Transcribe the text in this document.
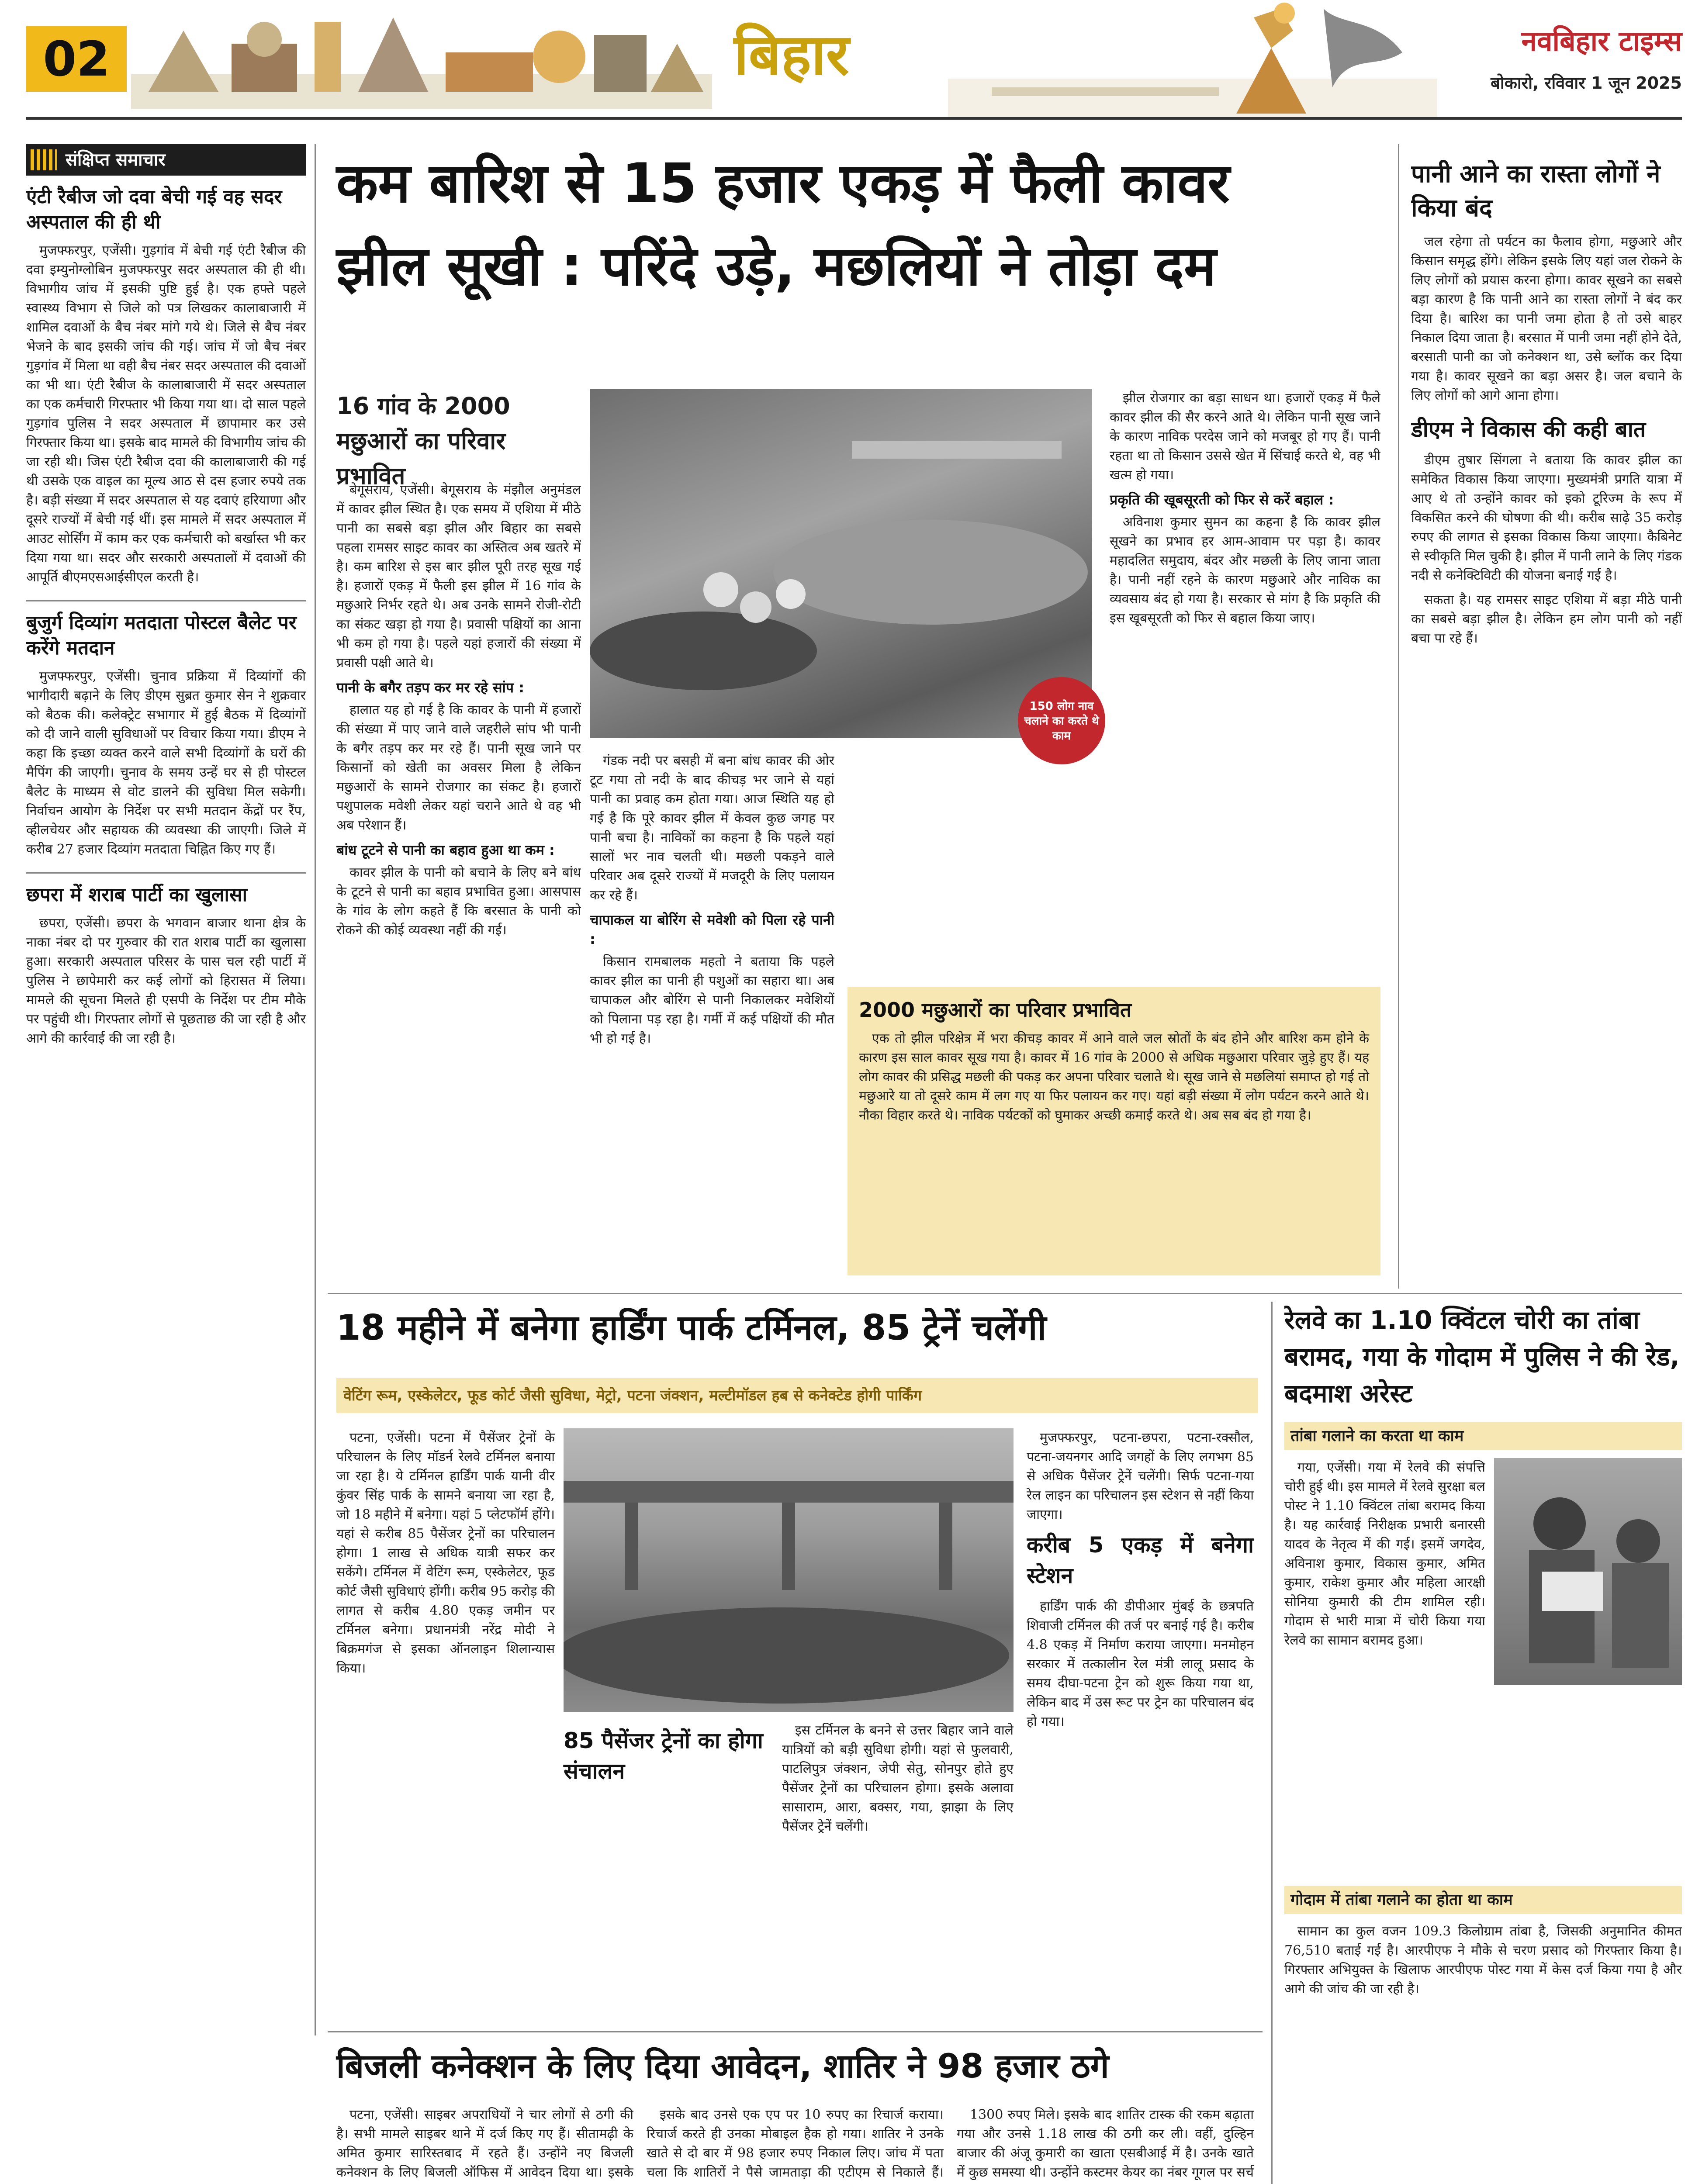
02	बिहार	नवबिहार टाइम्स
बोकारो, रविवार 1 जून 2025
संक्षिप्त समाचार
एंटी रैबीज जो दवा बेची गई वह सदर अस्पताल की ही थी

मुजफ्फरपुर, एजेंसी। गुड़गांव में बेची गई एंटी रैबीज की दवा इम्युनोग्लोबिन मुजफ्फरपुर सदर अस्पताल की ही थी। विभागीय जांच में इसकी पुष्टि हुई है। एक हफ्ते पहले स्वास्थ्य विभाग से जिले को पत्र लिखकर कालाबाजारी में शामिल दवाओं के बैच नंबर मांगे गये थे। जिले से बैच नंबर भेजने के बाद इसकी जांच की गई। जांच में जो बैच नंबर गुड़गांव में मिला था वही बैच नंबर सदर अस्पताल की दवाओं का भी था। एंटी रैबीज के कालाबाजारी में सदर अस्पताल का एक कर्मचारी गिरफ्तार भी किया गया था। दो साल पहले गुड़गांव पुलिस ने सदर अस्पताल में छापामार कर उसे गिरफ्तार किया था। इसके बाद मामले की विभागीय जांच की जा रही थी। जिस एंटी रैबीज दवा की कालाबाजारी की गई थी उसके एक वाइल का मूल्य आठ से दस हजार रुपये तक है। बड़ी संख्या में सदर अस्पताल से यह दवाएं हरियाणा और दूसरे राज्यों में बेची गई थीं। इस मामले में सदर अस्पताल में आउट सोर्सिंग में काम कर एक कर्मचारी को बर्खास्त भी कर दिया गया था। सदर और सरकारी अस्पतालों में दवाओं की आपूर्ति बीएमएसआईसीएल करती है।

बुजुर्ग दिव्यांग मतदाता पोस्टल बैलेट पर करेंगे मतदान

मुजफ्फरपुर, एजेंसी। चुनाव प्रक्रिया में दिव्यांगों की भागीदारी बढ़ाने के लिए डीएम सुब्रत कुमार सेन ने शुक्रवार को बैठक की। कलेक्ट्रेट सभागार में हुई बैठक में दिव्यांगों को दी जाने वाली सुविधाओं पर विचार किया गया। डीएम ने कहा कि इच्छा व्यक्त करने वाले सभी दिव्यांगों के घरों की मैपिंग की जाएगी। चुनाव के समय उन्हें घर से ही पोस्टल बैलेट के माध्यम से वोट डालने की सुविधा मिल सकेगी। निर्वाचन आयोग के निर्देश पर सभी मतदान केंद्रों पर रैंप, व्हीलचेयर और सहायक की व्यवस्था की जाएगी। जिले में करीब 27 हजार दिव्यांग मतदाता चिह्नित किए गए हैं।

छपरा में शराब पार्टी का खुलासा

छपरा, एजेंसी। छपरा के भगवान बाजार थाना क्षेत्र के नाका नंबर दो पर गुरुवार की रात शराब पार्टी का खुलासा हुआ। सरकारी अस्पताल परिसर के पास चल रही पार्टी में पुलिस ने छापेमारी कर कई लोगों को हिरासत में लिया। मामले की सूचना मिलते ही एसपी के निर्देश पर टीम मौके पर पहुंची थी। गिरफ्तार लोगों से पूछताछ की जा रही है और आगे की कार्रवाई की जा रही है।

कम बारिश से 15 हजार एकड़ में फैली कावर
झील सूखी : परिंदे उड़े, मछलियों ने तोड़ा दम
16 गांव के 2000 मछुआरों का परिवार प्रभावित
150 लोग नाव चलाने का करते थे काम

बेगूसराय, एजेंसी। बेगूसराय के मंझौल अनुमंडल में कावर झील स्थित है। एक समय में एशिया में मीठे पानी का सबसे बड़ा झील और बिहार का सबसे पहला रामसर साइट कावर का अस्तित्व अब खतरे में है। कम बारिश से इस बार झील पूरी तरह सूख गई है। हजारों एकड़ में फैली इस झील में 16 गांव के मछुआरे निर्भर रहते थे। अब उनके सामने रोजी-रोटी का संकट खड़ा हो गया है। प्रवासी पक्षियों का आना भी कम हो गया है। पहले यहां हजारों की संख्या में प्रवासी पक्षी आते थे।

पानी के बगैर तड़प कर मर रहे सांप :

हालात यह हो गई है कि कावर के पानी में हजारों की संख्या में पाए जाने वाले जहरीले सांप भी पानी के बगैर तड़प कर मर रहे हैं। पानी सूख जाने पर किसानों को खेती का अवसर मिला है लेकिन मछुआरों के सामने रोजगार का संकट है। हजारों पशुपालक मवेशी लेकर यहां चराने आते थे वह भी अब परेशान हैं।

बांध टूटने से पानी का बहाव हुआ था कम :

कावर झील के पानी को बचाने के लिए बने बांध के टूटने से पानी का बहाव प्रभावित हुआ। आसपास के गांव के लोग कहते हैं कि बरसात के पानी को रोकने की कोई व्यवस्था नहीं की गई।

गंडक नदी पर बसही में बना बांध कावर की ओर टूट गया तो नदी के बाद कीचड़ भर जाने से यहां पानी का प्रवाह कम होता गया। आज स्थिति यह हो गई है कि पूरे कावर झील में केवल कुछ जगह पर पानी बचा है। नाविकों का कहना है कि पहले यहां सालों भर नाव चलती थी। मछली पकड़ने वाले परिवार अब दूसरे राज्यों में मजदूरी के लिए पलायन कर रहे हैं।

चापाकल या बोरिंग से मवेशी को पिला रहे पानी :

किसान रामबालक महतो ने बताया कि पहले कावर झील का पानी ही पशुओं का सहारा था। अब चापाकल और बोरिंग से पानी निकालकर मवेशियों को पिलाना पड़ रहा है। गर्मी में कई पक्षियों की मौत भी हो गई है।

झील रोजगार का बड़ा साधन था। हजारों एकड़ में फैले कावर झील की सैर करने आते थे। लेकिन पानी सूख जाने के कारण नाविक परदेस जाने को मजबूर हो गए हैं। पानी रहता था तो किसान उससे खेत में सिंचाई करते थे, वह भी खत्म हो गया।

प्रकृति की खूबसूरती को फिर से करें बहाल :

अविनाश कुमार सुमन का कहना है कि कावर झील सूखने का प्रभाव हर आम-आवाम पर पड़ा है। कावर महादलित समुदाय, बंदर और मछली के लिए जाना जाता है। पानी नहीं रहने के कारण मछुआरे और नाविक का व्यवसाय बंद हो गया है। सरकार से मांग है कि प्रकृति की इस खूबसूरती को फिर से बहाल किया जाए।

2000 मछुआरों का परिवार प्रभावित

एक तो झील परिक्षेत्र में भरा कीचड़ कावर में आने वाले जल स्रोतों के बंद होने और बारिश कम होने के कारण इस साल कावर सूख गया है। कावर में 16 गांव के 2000 से अधिक मछुआरा परिवार जुड़े हुए हैं। यह लोग कावर की प्रसिद्ध मछली की पकड़ कर अपना परिवार चलाते थे। सूख जाने से मछलियां समाप्त हो गई तो मछुआरे या तो दूसरे काम में लग गए या फिर पलायन कर गए। यहां बड़ी संख्या में लोग पर्यटन करने आते थे। नौका विहार करते थे। नाविक पर्यटकों को घुमाकर अच्छी कमाई करते थे। अब सब बंद हो गया है।

पानी आने का रास्ता लोगों ने किया बंद

जल रहेगा तो पर्यटन का फैलाव होगा, मछुआरे और किसान समृद्ध होंगे। लेकिन इसके लिए यहां जल रोकने के लिए लोगों को प्रयास करना होगा। कावर सूखने का सबसे बड़ा कारण है कि पानी आने का रास्ता लोगों ने बंद कर दिया है। बारिश का पानी जमा होता है तो उसे बाहर निकाल दिया जाता है। बरसात में पानी जमा नहीं होने देते, बरसाती पानी का जो कनेक्शन था, उसे ब्लॉक कर दिया गया है। कावर सूखने का बड़ा असर है। जल बचाने के लिए लोगों को आगे आना होगा।

डीएम ने विकास की कही बात

डीएम तुषार सिंगला ने बताया कि कावर झील का समेकित विकास किया जाएगा। मुख्यमंत्री प्रगति यात्रा में आए थे तो उन्होंने कावर को इको टूरिज्म के रूप में विकसित करने की घोषणा की थी। करीब साढ़े 35 करोड़ रुपए की लागत से इसका विकास किया जाएगा। कैबिनेट से स्वीकृति मिल चुकी है। झील में पानी लाने के लिए गंडक नदी से कनेक्टिविटी की योजना बनाई गई है।

सकता है। यह रामसर साइट एशिया में बड़ा मीठे पानी का सबसे बड़ा झील है। लेकिन हम लोग पानी को नहीं बचा पा रहे हैं।

18 महीने में बनेगा हार्डिंग पार्क टर्मिनल, 85 ट्रेनें चलेंगी
वेटिंग रूम, एस्केलेटर, फूड कोर्ट जैसी सुविधा, मेट्रो, पटना जंक्शन, मल्टीमॉडल हब से कनेक्टेड होगी पार्किंग

पटना, एजेंसी। पटना में पैसेंजर ट्रेनों के परिचालन के लिए मॉडर्न रेलवे टर्मिनल बनाया जा रहा है। ये टर्मिनल हार्डिंग पार्क यानी वीर कुंवर सिंह पार्क के सामने बनाया जा रहा है, जो 18 महीने में बनेगा। यहां 5 प्लेटफॉर्म होंगे। यहां से करीब 85 पैसेंजर ट्रेनों का परिचालन होगा। 1 लाख से अधिक यात्री सफर कर सकेंगे। टर्मिनल में वेटिंग रूम, एस्केलेटर, फूड कोर्ट जैसी सुविधाएं होंगी। करीब 95 करोड़ की लागत से करीब 4.80 एकड़ जमीन पर टर्मिनल बनेगा। प्रधानमंत्री नरेंद्र मोदी ने बिक्रमगंज से इसका ऑनलाइन शिलान्यास किया।

85 पैसेंजर ट्रेनों का होगा संचालन

इस टर्मिनल के बनने से उत्तर बिहार जाने वाले यात्रियों को बड़ी सुविधा होगी। यहां से फुलवारी, पाटलिपुत्र जंक्शन, जेपी सेतु, सोनपुर होते हुए पैसेंजर ट्रेनों का परिचालन होगा। इसके अलावा सासाराम, आरा, बक्सर, गया, झाझा के लिए पैसेंजर ट्रेनें चलेंगी।

मुजफ्फरपुर, पटना-छपरा, पटना-रक्सौल, पटना-जयनगर आदि जगहों के लिए लगभग 85 से अधिक पैसेंजर ट्रेनें चलेंगी। सिर्फ पटना-गया रेल लाइन का परिचालन इस स्टेशन से नहीं किया जाएगा।

करीब 5 एकड़ में बनेगा स्टेशन

हार्डिंग पार्क की डीपीआर मुंबई के छत्रपति शिवाजी टर्मिनल की तर्ज पर बनाई गई है। करीब 4.8 एकड़ में निर्माण कराया जाएगा। मनमोहन सरकार में तत्कालीन रेल मंत्री लालू प्रसाद के समय दीघा-पटना ट्रेन को शुरू किया गया था, लेकिन बाद में उस रूट पर ट्रेन का परिचालन बंद हो गया।

रेलवे का 1.10 क्विंटल चोरी का तांबा बरामद, गया के गोदाम में पुलिस ने की रेड, बदमाश अरेस्ट
तांबा गलाने का करता था काम

गया, एजेंसी। गया में रेलवे की संपत्ति चोरी हुई थी। इस मामले में रेलवे सुरक्षा बल पोस्ट ने 1.10 क्विंटल तांबा बरामद किया है। यह कार्रवाई निरीक्षक प्रभारी बनारसी यादव के नेतृत्व में की गई। इसमें जगदेव, अविनाश कुमार, विकास कुमार, अमित कुमार, राकेश कुमार और महिला आरक्षी सोनिया कुमारी की टीम शामिल रही। गोदाम से भारी मात्रा में चोरी किया गया रेलवे का सामान बरामद हुआ।

गोदाम में तांबा गलाने का होता था काम

सामान का कुल वजन 109.3 किलोग्राम तांबा है, जिसकी अनुमानित कीमत 76,510 बताई गई है। आरपीएफ ने मौके से चरण प्रसाद को गिरफ्तार किया है। गिरफ्तार अभियुक्त के खिलाफ आरपीएफ पोस्ट गया में केस दर्ज किया गया है और आगे की जांच की जा रही है।

बिजली कनेक्शन के लिए दिया आवेदन, शातिर ने 98 हजार ठगे

पटना, एजेंसी। साइबर अपराधियों ने चार लोगों से ठगी की है। सभी मामले साइबर थाने में दर्ज किए गए हैं। सीतामढ़ी के अमित कुमार सारिस्तबाद में रहते हैं। उन्होंने नए बिजली कनेक्शन के लिए बिजली ऑफिस में आवेदन दिया था। इसके

इसके बाद उनसे एक एप पर 10 रुपए का रिचार्ज कराया। रिचार्ज करते ही उनका मोबाइल हैक हो गया। शातिर ने उनके खाते से दो बार में 98 हजार रुपए निकाल लिए। जांच में पता चला कि शातिरों ने पैसे जामताड़ा की एटीएम से निकाले हैं।

1300 रुपए मिले। इसके बाद शातिर टास्क की रकम बढ़ाता गया और उनसे 1.18 लाख की ठगी कर ली। वहीं, दुल्हिन बाजार की अंजू कुमारी का खाता एसबीआई में है। उनके खाते में कुछ समस्या थी। उन्होंने कस्टमर केयर का नंबर गूगल पर सर्च
